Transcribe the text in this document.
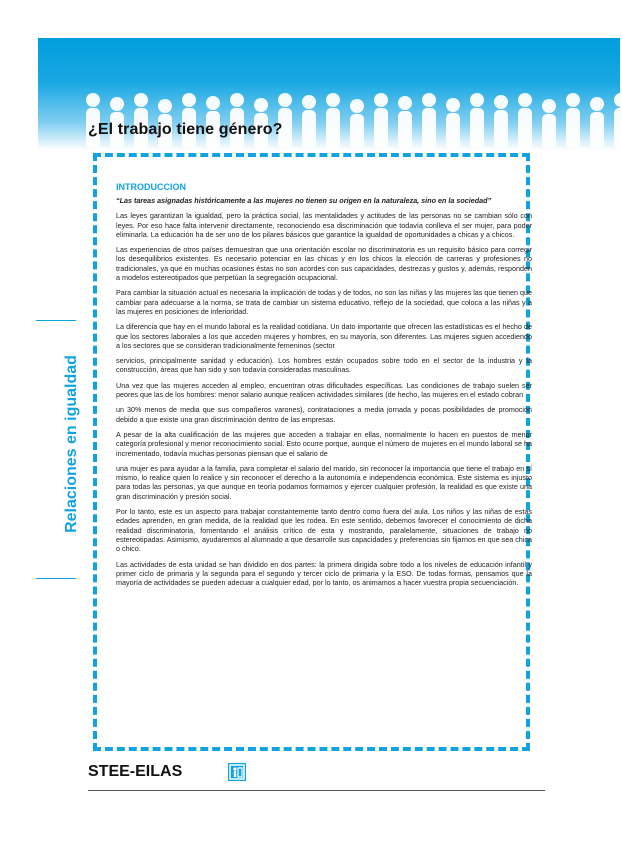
¿El trabajo tiene género?
Relaciones en igualdad
INTRODUCCION

“Las tareas asignadas históricamente a las mujeres no tienen su origen en la naturaleza, sino en la sociedad”

Las leyes garantizan la igualdad, pero la práctica social, las mentalidades y actitudes de las personas no se cambian sólo con leyes. Por eso hace falta intervenir directamente, reconociendo esa discriminación que todavía conlleva el ser mujer, para poder eliminarla. La educación ha de ser uno de los pilares básicos que garantice la igualdad de oportunidades a chicas y a chicos.

Las experiencias de otros países demuestran que una orientación escolar no discriminatoria es un requisito básico para corregir los desequilibrios existentes. Es necesario potenciar en las chicas y en los chicos la elección de carreras y profesiones no tradicionales, ya que en muchas ocasiones éstas no son acordes con sus capacidades, destrezas y gustos y, además, responden a modelos estereotipados que perpetúan la segregación ocupacional.

Para cambiar la situación actual es necesaria la implicación de todas y de todos, no son las niñas y las mujeres las que tienen que cambiar para adecuarse a la norma, se trata de cambiar un sistema educativo, reflejo de la sociedad, que coloca a las niñas y a las mujeres en posiciones de inferioridad.

La diferencia que hay en el mundo laboral es la realidad cotidiana. Un dato importante que ofrecen las estadísticas es el hecho de que los sectores laborales a los que acceden mujeres y hombres, en su mayoría, son diferentes. Las mujeres siguen accediendo a los sectores que se consideran tradicionalmente femeninos (sector

servicios, principalmente sanidad y educación). Los hombres están ocupados sobre todo en el sector de la industria y la construcción, áreas que han sido y son todavía consideradas masculinas.

Una vez que las mujeres acceden al empleo, encuentran otras dificultades específicas. Las condiciones de trabajo suelen ser peores que las de los hombres: menor salario aunque realicen actividades similares (de hecho, las mujeres en el estado cobran

un 30% menos de media que sus compañeros varones), contrataciones a media jornada y pocas posibilidades de promoción debido a que existe una gran discriminación dentro de las empresas.

A pesar de la alta cualificación de las mujeres que acceden a trabajar en ellas, normalmente lo hacen en puestos de menor categoría profesional y menor reconocimiento social. Esto ocurre porque, aunque el número de mujeres en el mundo laboral se ha incrementado, todavía muchas personas piensan que el salario de

una mujer es para ayudar a la familia, para completar el salario del marido, sin reconocer la importancia que tiene el trabajo en sí mismo, lo realice quien lo realice y sin reconocer el derecho a la autonomía e independencia económica. Este sistema es injusto para todas las personas, ya que aunque en teoría podamos formarnos y ejercer cualquier profesión, la realidad es que existe una gran discriminación y presión social.

Por lo tanto, este es un aspecto para trabajar constantemente tanto dentro como fuera del aula. Los niños y las niñas de estas edades aprenden, en gran medida, de la realidad que les rodea. En este sentido, debemos favorecer el conocimiento de dicha realidad discriminatoria, fomentando el análisis crítico de esta y mostrando, paralelamente, situaciones de trabajo no estereotipadas. Asimismo, ayudaremos al alumnado a que desarrolle sus capacidades y preferencias sin fijarnos en que sea chica o chico.

Las actividades de esta unidad se han dividido en dos partes: la primera dirigida sobre todo a los niveles de educación infantil y primer ciclo de primaria y la segunda para el segundo y tercer ciclo de primaria y la ESO. De todas formas, pensamos que la mayoría de actividades se pueden adecuar a cualquier edad, por lo tanto, os animamos a hacer vuestra propia secuenciación.

STEE-EILAS
